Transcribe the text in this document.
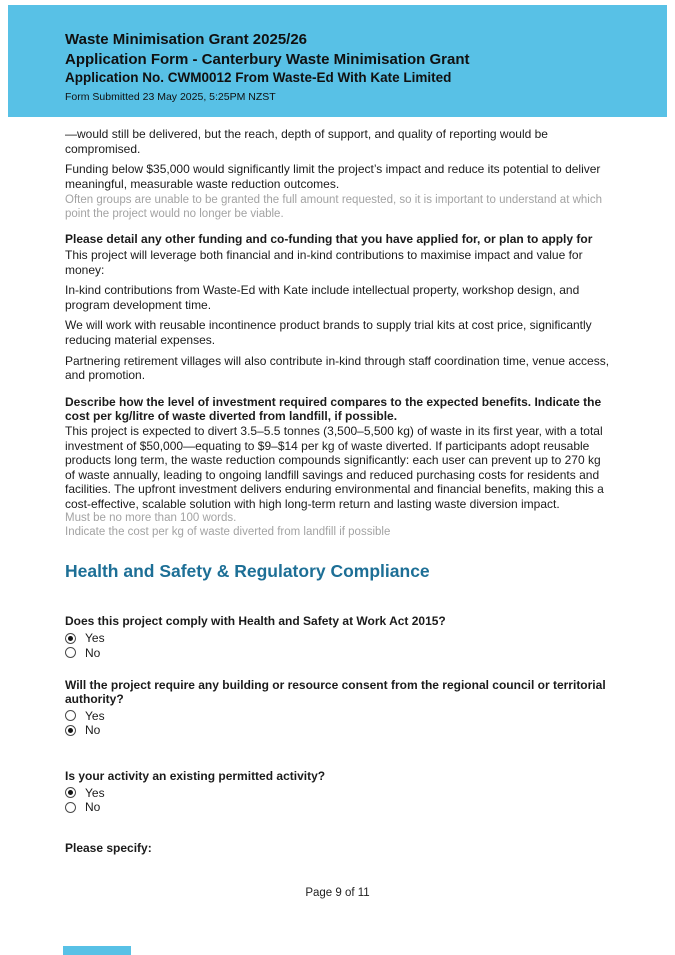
Waste Minimisation Grant 2025/26
Application Form - Canterbury Waste Minimisation Grant
Application No. CWM0012 From Waste-Ed With Kate Limited
Form Submitted 23 May 2025, 5:25PM NZST

—would still be delivered, but the reach, depth of support, and quality of reporting would be compromised.

Funding below $35,000 would significantly limit the project’s impact and reduce its potential to deliver meaningful, measurable waste reduction outcomes.

Often groups are unable to be granted the full amount requested, so it is important to understand at which point the project would no longer be viable.

Please detail any other funding and co-funding that you have applied for, or plan to apply for

This project will leverage both financial and in-kind contributions to maximise impact and value for money:

In-kind contributions from Waste-Ed with Kate include intellectual property, workshop design, and program development time.

We will work with reusable incontinence product brands to supply trial kits at cost price, significantly reducing material expenses.

Partnering retirement villages will also contribute in-kind through staff coordination time, venue access, and promotion.

Describe how the level of investment required compares to the expected benefits. Indicate the cost per kg/litre of waste diverted from landfill, if possible.

This project is expected to divert 3.5–5.5 tonnes (3,500–5,500 kg) of waste in its first year, with a total investment of $50,000—equating to $9–$14 per kg of waste diverted. If participants adopt reusable products long term, the waste reduction compounds significantly: each user can prevent up to 270 kg of waste annually, leading to ongoing landfill savings and reduced purchasing costs for residents and facilities. The upfront investment delivers enduring environmental and financial benefits, making this a cost-effective, scalable solution with high long-term return and lasting waste diversion impact.

Must be no more than 100 words.

Indicate the cost per kg of waste diverted from landfill if possible

Health and Safety & Regulatory Compliance
Does this project comply with Health and Safety at Work Act 2015?
Yes
No
Will the project require any building or resource consent from the regional council or territorial authority?
Yes
No
Is your activity an existing permitted activity?
Yes
No

Please specify:

Page 9 of 11
